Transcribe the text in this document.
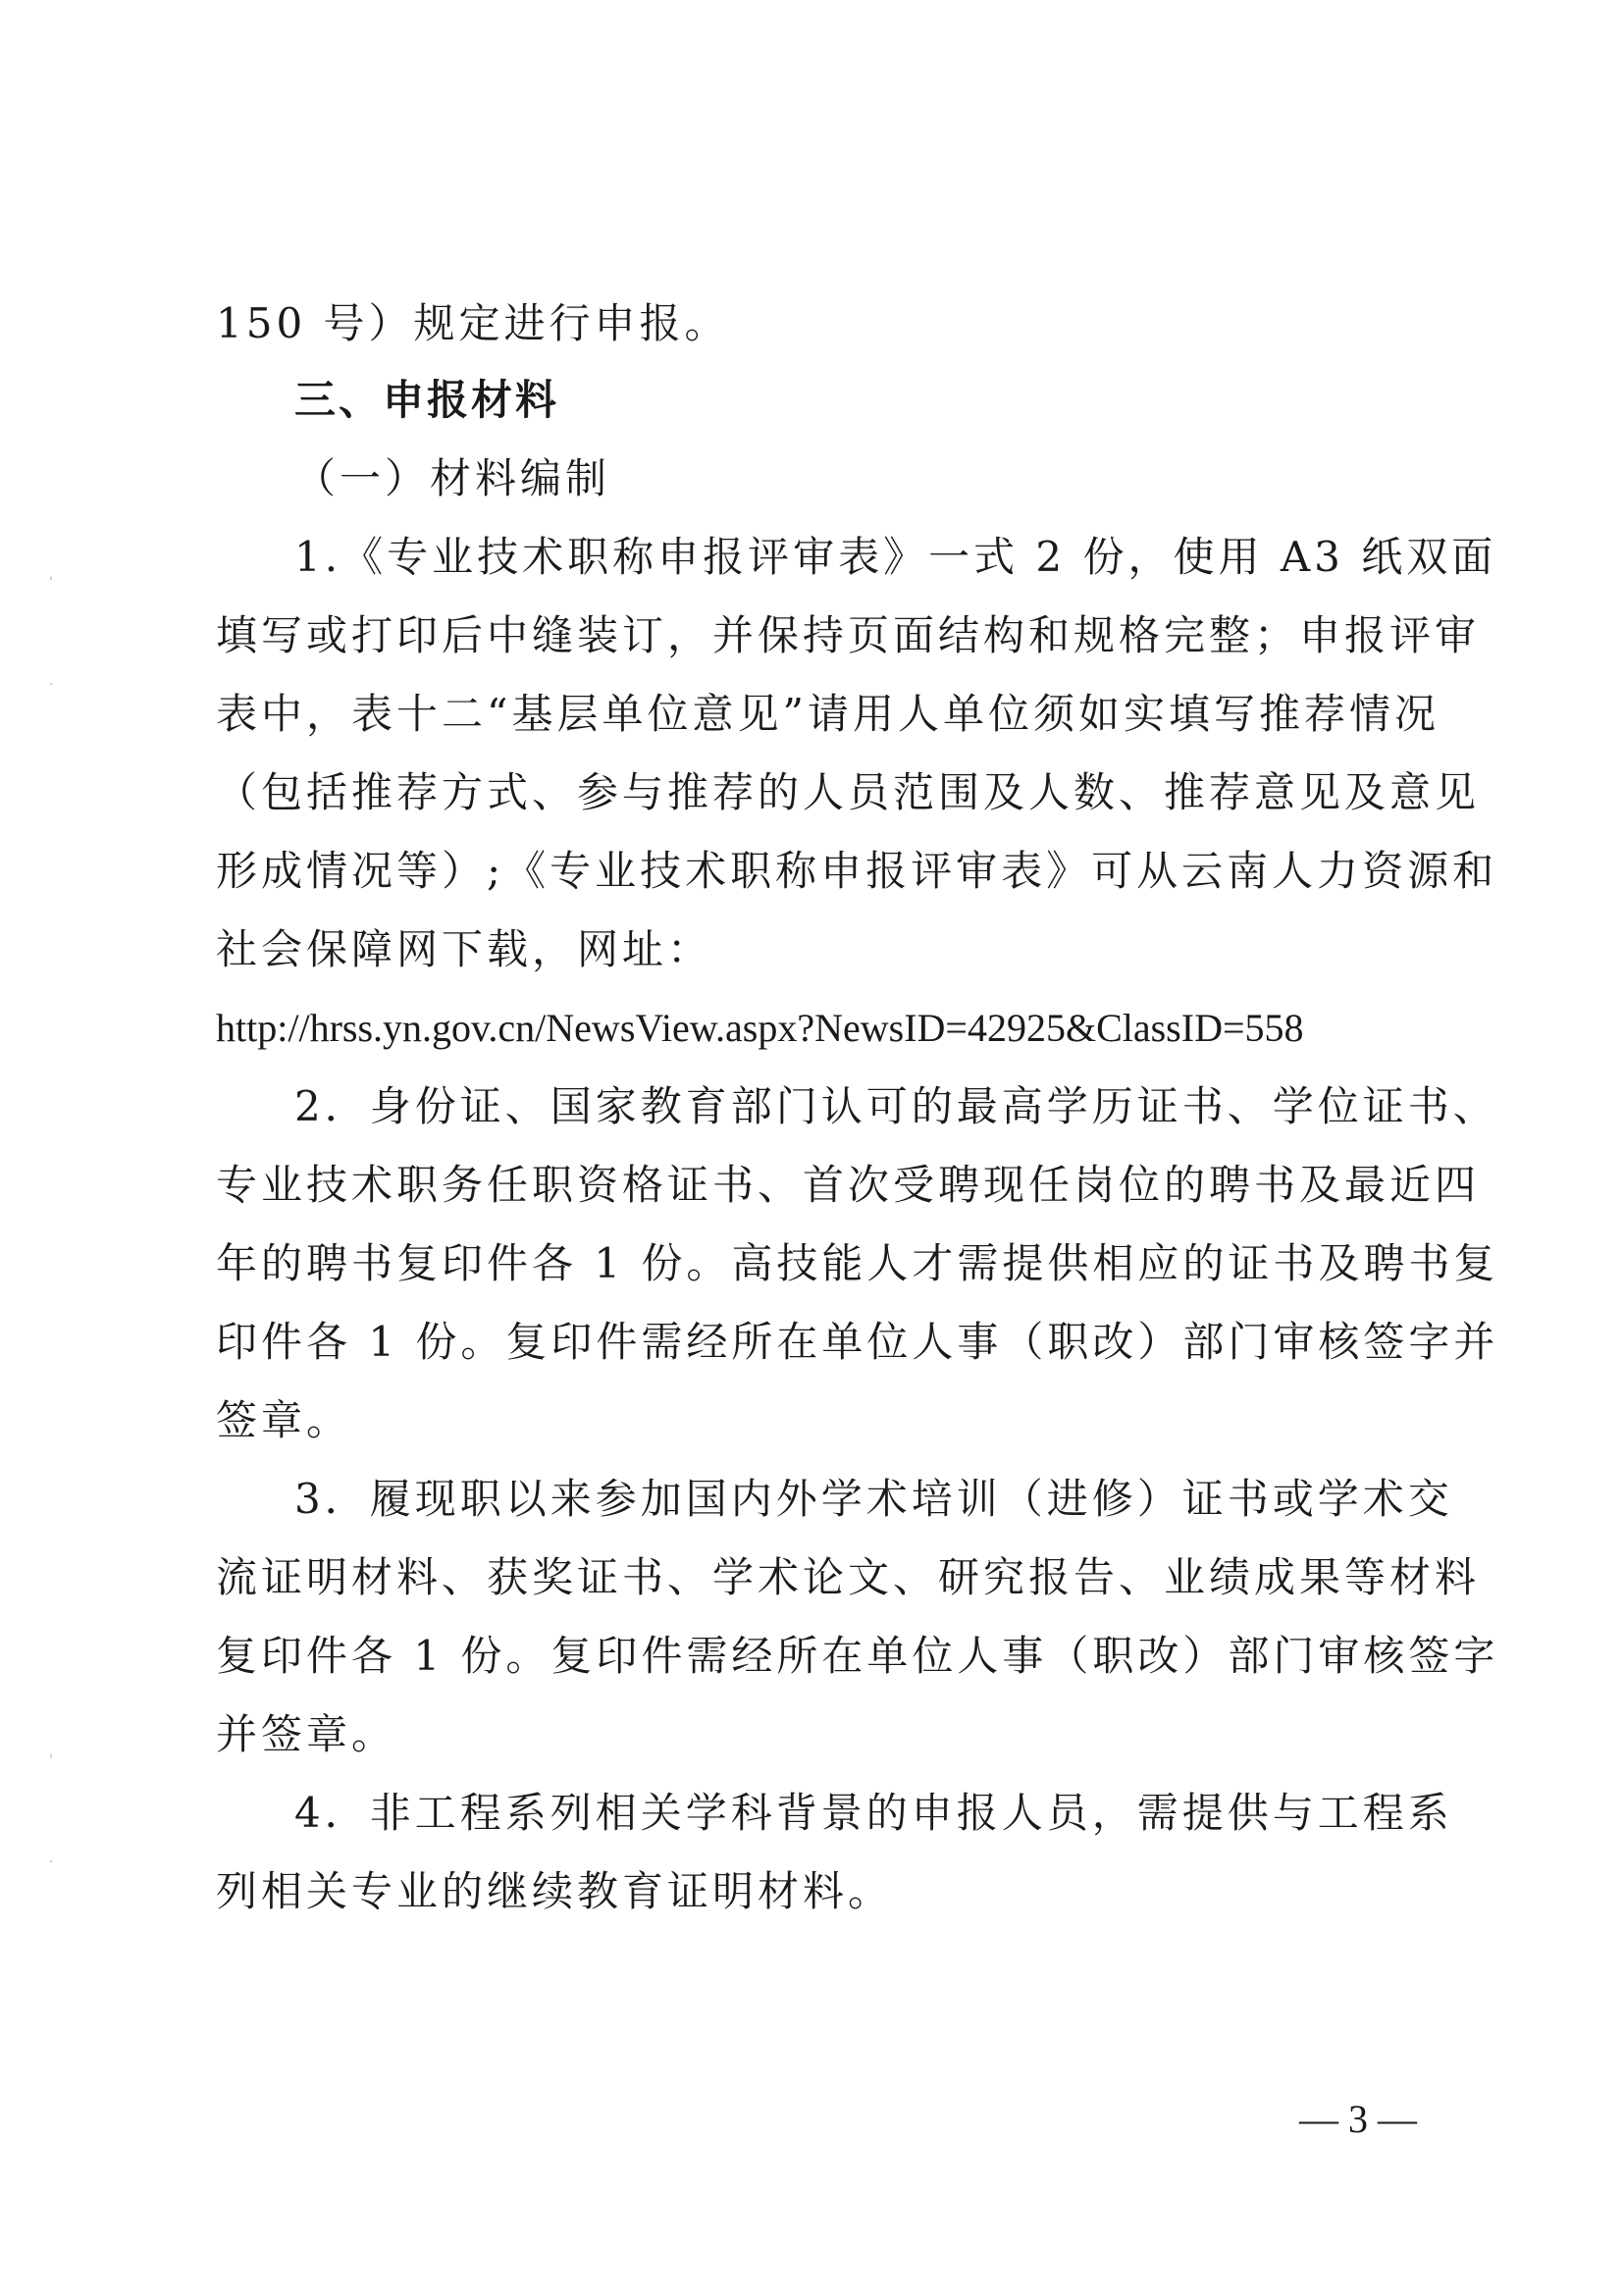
150 号）规定进行申报。
三、申报材料
（一）材料编制
1.《专业技术职称申报评审表》一式 2 份，使用 A3 纸双面
填写或打印后中缝装订，并保持页面结构和规格完整；申报评审
表中，表十二“基层单位意见”请用人单位须如实填写推荐情况
（包括推荐方式、参与推荐的人员范围及人数、推荐意见及意见
形成情况等）;《专业技术职称申报评审表》可从云南人力资源和
社会保障网下载，网址：
http://hrss.yn.gov.cn/NewsView.aspx?NewsID=42925&ClassID=558
2．身份证、国家教育部门认可的最高学历证书、学位证书、
专业技术职务任职资格证书、首次受聘现任岗位的聘书及最近四
年的聘书复印件各 1 份。高技能人才需提供相应的证书及聘书复
印件各 1 份。复印件需经所在单位人事（职改）部门审核签字并
签章。
3．履现职以来参加国内外学术培训（进修）证书或学术交
流证明材料、获奖证书、学术论文、研究报告、业绩成果等材料
复印件各 1 份。复印件需经所在单位人事（职改）部门审核签字
并签章。
4．非工程系列相关学科背景的申报人员，需提供与工程系
列相关专业的继续教育证明材料。
— 3 —
'
.
'
.
